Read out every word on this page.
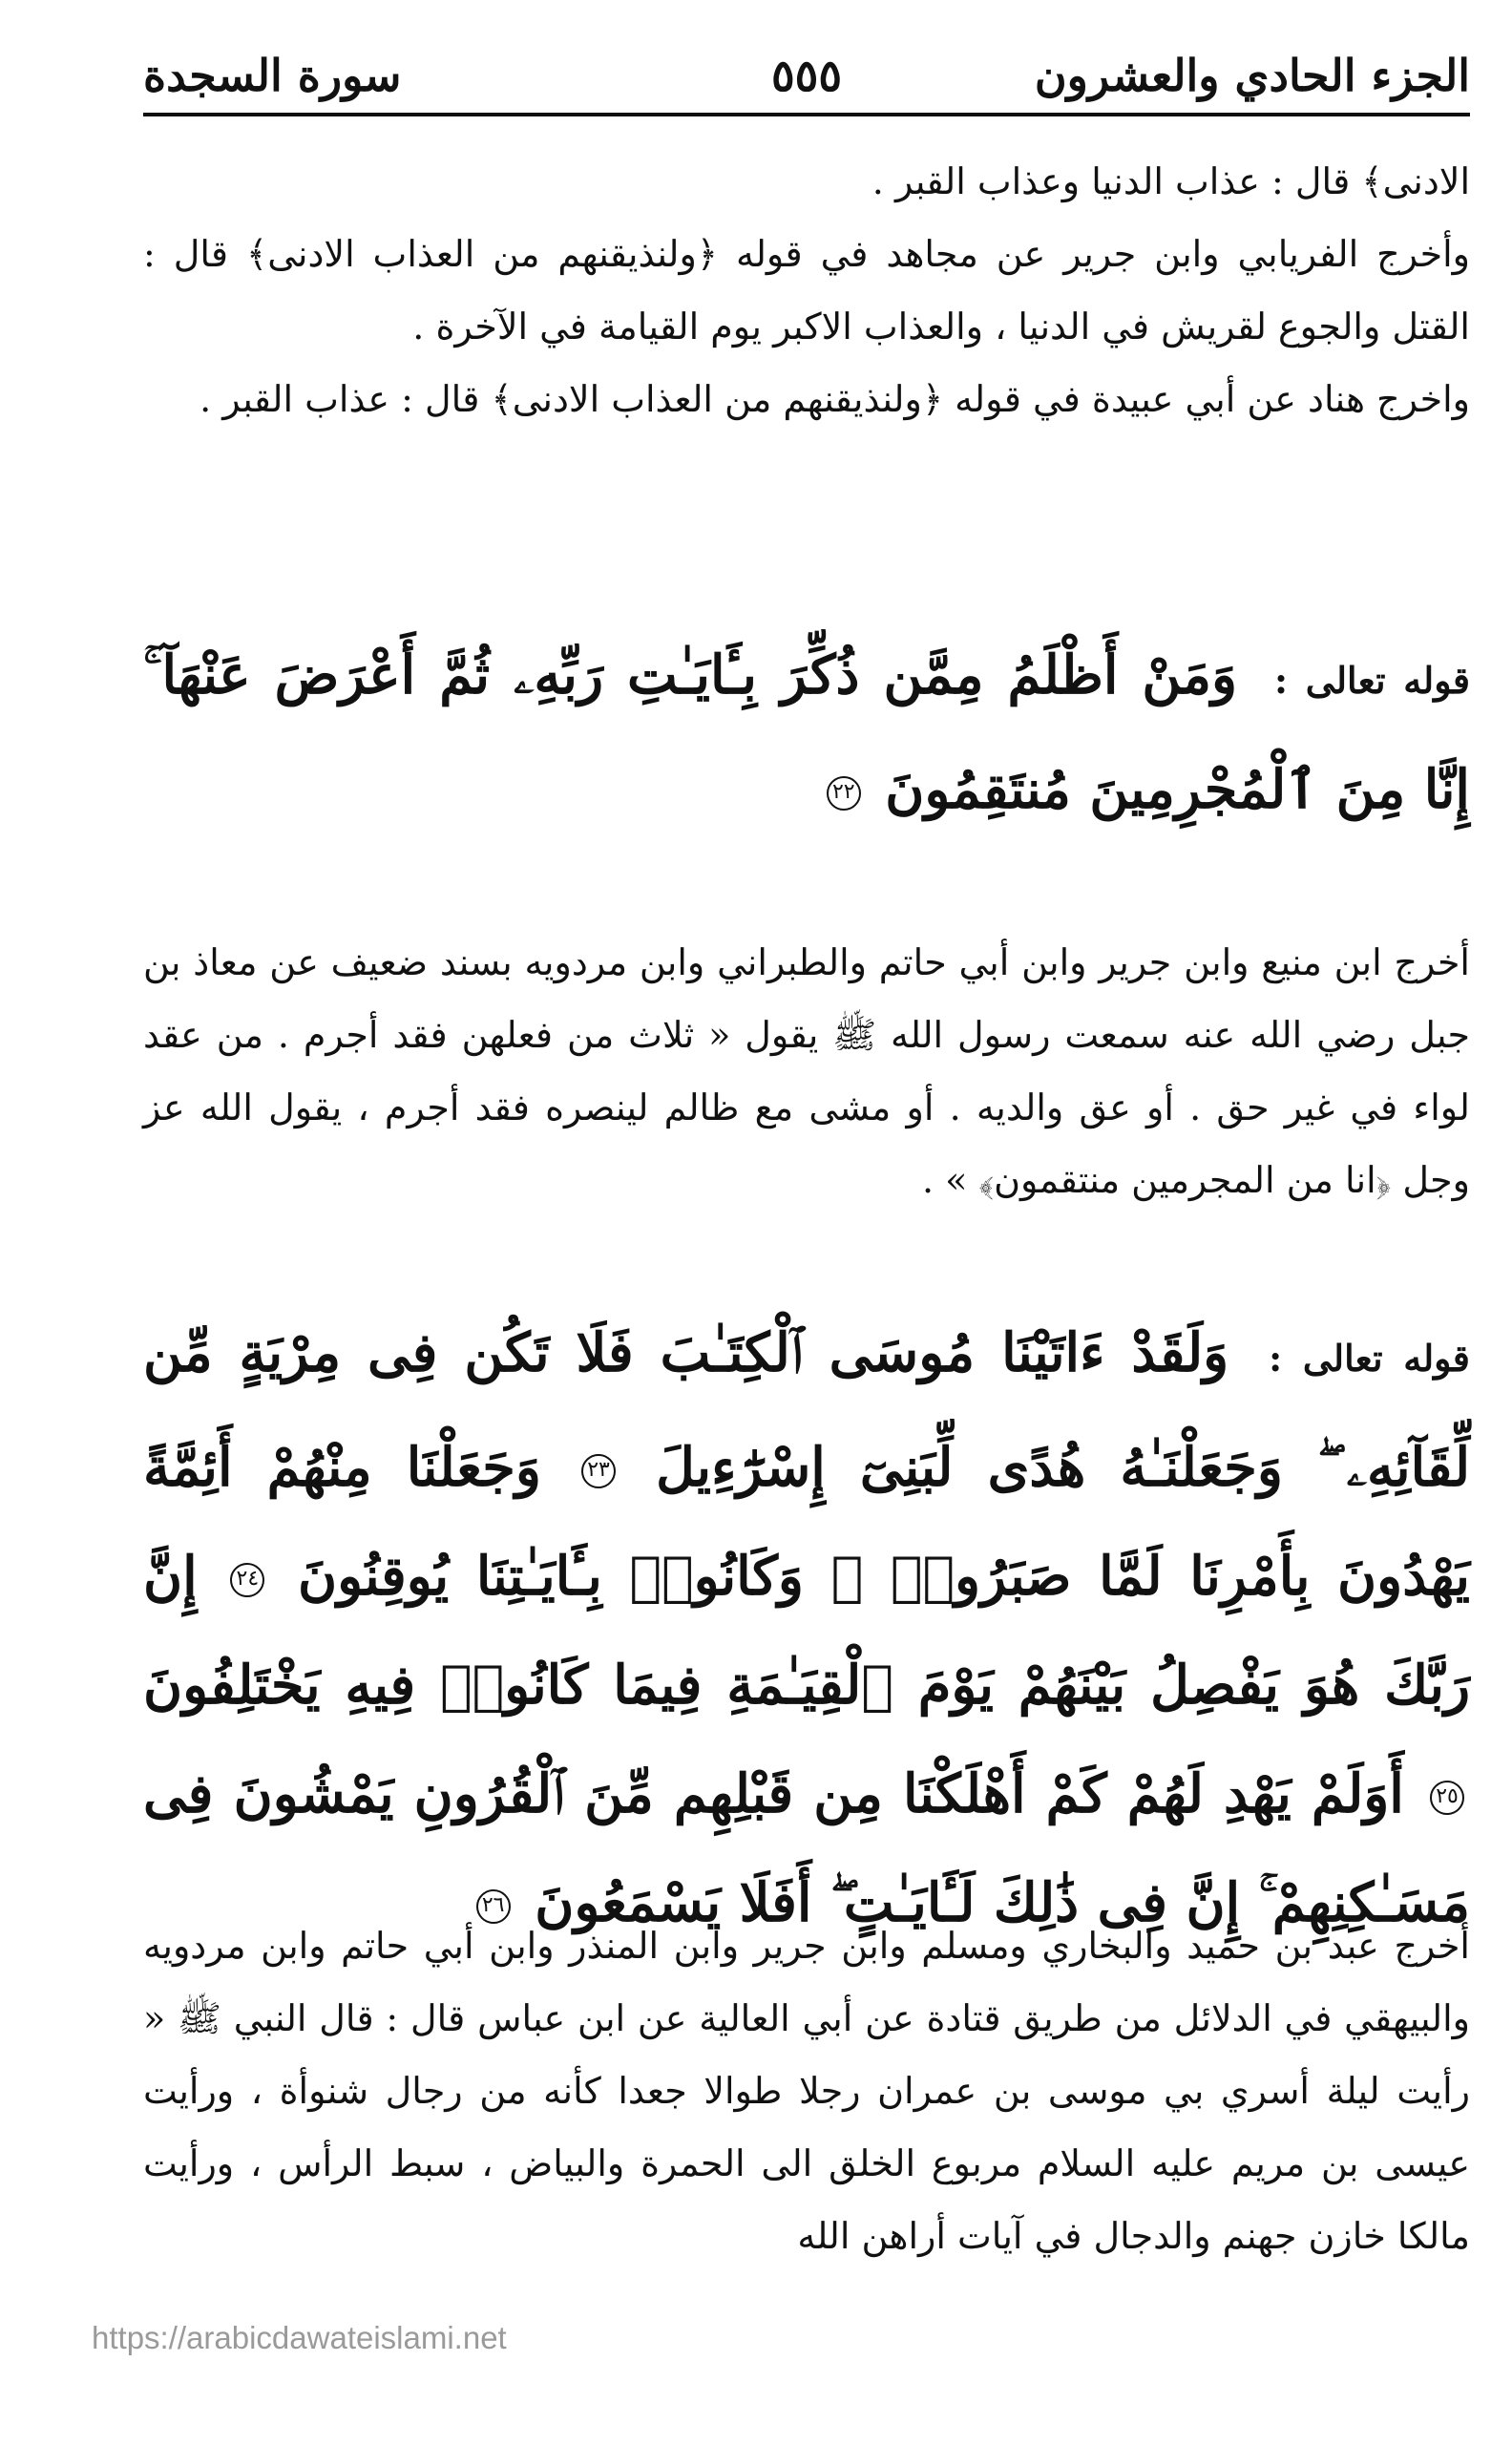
الجزء الحادي والعشرون
٥٥٥
سورة السجدة

الادنى﴾ قال : عذاب الدنيا وعذاب القبر .

وأخرج الفريابي وابن جرير عن مجاهد في قوله ﴿ولنذيقنهم من العذاب الادنى﴾ قال : القتل والجوع لقريش في الدنيا ، والعذاب الاكبر يوم القيامة في الآخرة .

واخرج هناد عن أبي عبيدة في قوله ﴿ولنذيقنهم من العذاب الادنى﴾ قال : عذاب القبر .

قوله تعالى : وَمَنْ أَظْلَمُ مِمَّن ذُكِّرَ بِـَٔايَـٰتِ رَبِّهِۦ ثُمَّ أَعْرَضَ عَنْهَآ ۚ إِنَّا مِنَ ٱلْمُجْرِمِينَ مُنتَقِمُونَ ٢٢

أخرج ابن منيع وابن جرير وابن أبي حاتم والطبراني وابن مردويه بسند ضعيف عن معاذ بن جبل رضي الله عنه سمعت رسول الله ﷺ يقول « ثلاث من فعلهن فقد أجرم . من عقد لواء في غير حق . أو عق والديه . أو مشى مع ظالم لينصره فقد أجرم ، يقول الله عز وجل ﴿انا من المجرمين منتقمون﴾ » .

قوله تعالى : وَلَقَدْ ءَاتَيْنَا مُوسَى ٱلْكِتَـٰبَ فَلَا تَكُن فِى مِرْيَةٍ مِّن لِّقَآئِهِۦ ۖ وَجَعَلْنَـٰهُ هُدًى لِّبَنِىٓ إِسْرَٰٓءِيلَ ٢٣ وَجَعَلْنَا مِنْهُمْ أَئِمَّةً يَهْدُونَ بِأَمْرِنَا لَمَّا صَبَرُوا۟ ۖ وَكَانُوا۟ بِـَٔايَـٰتِنَا يُوقِنُونَ ٢٤ إِنَّ رَبَّكَ هُوَ يَفْصِلُ بَيْنَهُمْ يَوْمَ ٱلْقِيَـٰمَةِ فِيمَا كَانُوا۟ فِيهِ يَخْتَلِفُونَ ٢٥ أَوَلَمْ يَهْدِ لَهُمْ كَمْ أَهْلَكْنَا مِن قَبْلِهِم مِّنَ ٱلْقُرُونِ يَمْشُونَ فِى مَسَـٰكِنِهِمْ ۚ إِنَّ فِى ذَٰلِكَ لَـَٔايَـٰتٍ ۖ أَفَلَا يَسْمَعُونَ ٢٦

أخرج عبد بن حميد والبخاري ومسلم وابن جرير وابن المنذر وابن أبي حاتم وابن مردويه والبيهقي في الدلائل من طريق قتادة عن أبي العالية عن ابن عباس قال : قال النبي ﷺ « رأيت ليلة أسري بي موسى بن عمران رجلا طوالا جعدا كأنه من رجال شنوأة ، ورأيت عيسى بن مريم عليه السلام مربوع الخلق الى الحمرة والبياض ، سبط الرأس ، ورأيت مالكا خازن جهنم والدجال في آيات أراهن الله

https://arabicdawateislami.net
